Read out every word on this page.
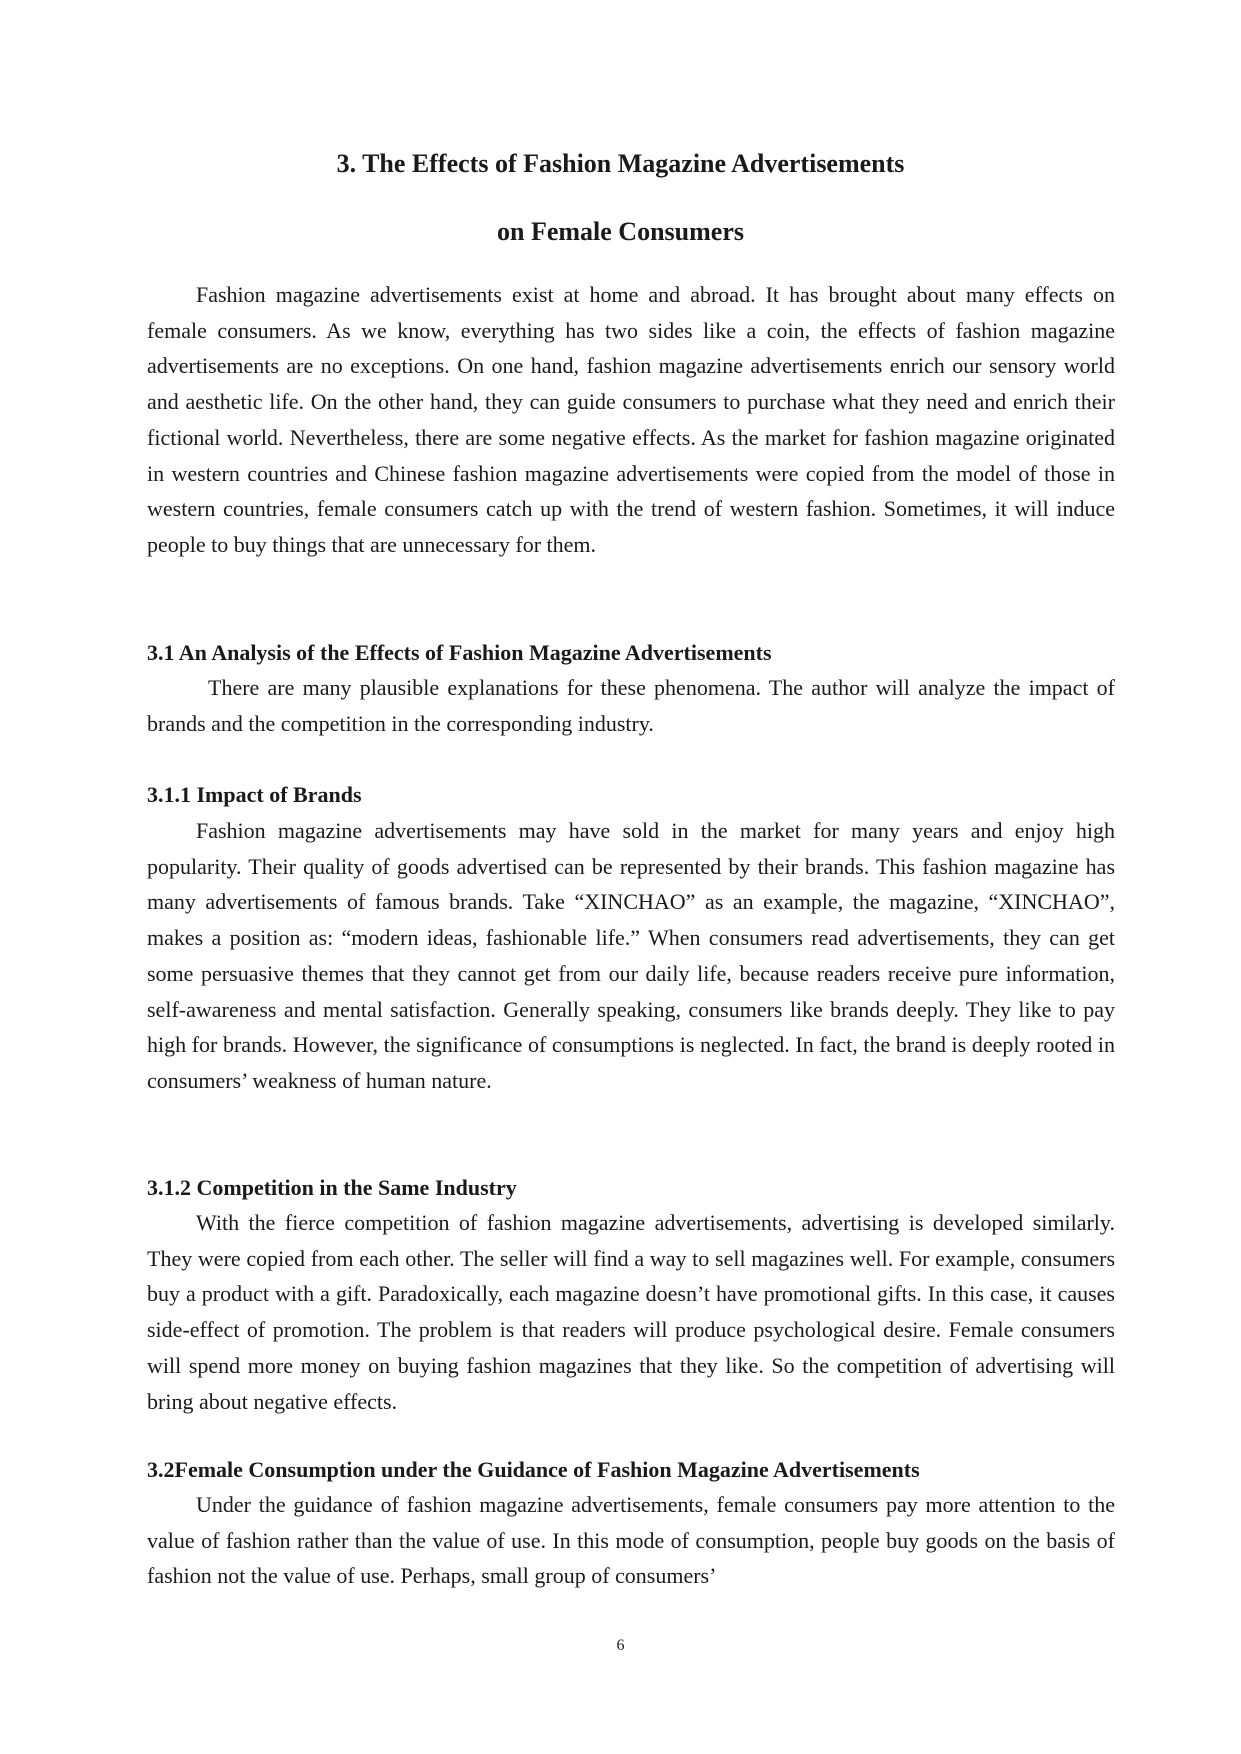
3. The Effects of Fashion Magazine Advertisements
on Female Consumers

Fashion magazine advertisements exist at home and abroad. It has brought about many effects on female consumers. As we know, everything has two sides like a coin, the effects of fashion magazine advertisements are no exceptions. On one hand, fashion magazine advertisements enrich our sensory world and aesthetic life. On the other hand, they can guide consumers to purchase what they need and enrich their fictional world. Nevertheless, there are some negative effects. As the market for fashion magazine originated in western countries and Chinese fashion magazine advertisements were copied from the model of those in western countries, female consumers catch up with the trend of western fashion. Sometimes, it will induce people to buy things that are unnecessary for them.

3.1 An Analysis of the Effects of Fashion Magazine Advertisements

There are many plausible explanations for these phenomena. The author will analyze the impact of brands and the competition in the corresponding industry.

3.1.1 Impact of Brands

Fashion magazine advertisements may have sold in the market for many years and enjoy high popularity. Their quality of goods advertised can be represented by their brands. This fashion magazine has many advertisements of famous brands. Take “XINCHAO” as an example, the magazine, “XINCHAO”, makes a position as: “modern ideas, fashionable life.” When consumers read advertisements, they can get some persuasive themes that they cannot get from our daily life, because readers receive pure information, self-awareness and mental satisfaction. Generally speaking, consumers like brands deeply. They like to pay high for brands. However, the significance of consumptions is neglected. In fact, the brand is deeply rooted in consumers’ weakness of human nature.

3.1.2 Competition in the Same Industry

With the fierce competition of fashion magazine advertisements, advertising is developed similarly. They were copied from each other. The seller will find a way to sell magazines well. For example, consumers buy a product with a gift. Paradoxically, each magazine doesn’t have promotional gifts. In this case, it causes side-effect of promotion. The problem is that readers will produce psychological desire. Female consumers will spend more money on buying fashion magazines that they like. So the competition of advertising will bring about negative effects.

3.2Female Consumption under the Guidance of Fashion Magazine Advertisements

Under the guidance of fashion magazine advertisements, female consumers pay more attention to the value of fashion rather than the value of use. In this mode of consumption, people buy goods on the basis of fashion not the value of use. Perhaps, small group of consumers’

6
